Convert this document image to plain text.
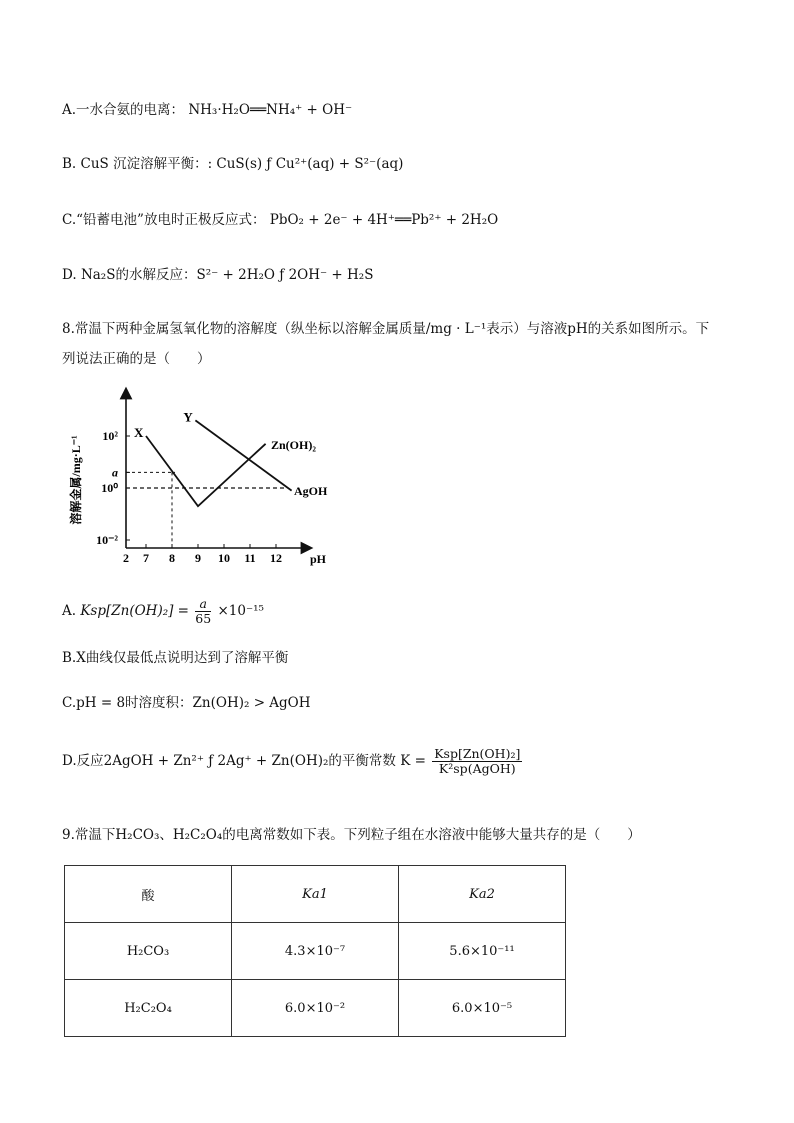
A.一水合氨的电离： NH₃·H₂O══NH₄⁺ + OH⁻
B. CuS 沉淀溶解平衡：: CuS(s) ƒ Cu²⁺(aq) + S²⁻(aq)
C.“铅蓄电池”放电时正极反应式： PbO₂ + 2e⁻ + 4H⁺══Pb²⁺ + 2H₂O
D. Na₂S的水解反应：S²⁻ + 2H₂O ƒ 2OH⁻ + H₂S
8.常温下两种金属氢氧化物的溶解度（纵坐标以溶解金属质量/mg · L⁻¹表示）与溶液pH的关系如图所示。下
列说法正确的是（　　）
2 7 8 9 10 11 12 pH
10²
a
10⁰
10⁻²
溶解金属/mg·L⁻¹
X
Y
Zn(OH)₂
AgOH
A. $Ksp[Zn(OH)_2] = \frac{a}{65} \times 10^{-15}$
B.X曲线仅最低点说明达到了溶解平衡
C.pH = 8时溶度积：Zn(OH)₂ > AgOH
D.反应2AgOH + Zn²⁺ ƒ 2Ag⁺ + Zn(OH)₂的平衡常数 $K = \frac{\text{Ksp[Zn(OH)₂]}}{\text{K²sp(AgOH)}}$
9.常温下H₂CO₃、H₂C₂O₄的电离常数如下表。下列粒子组在水溶液中能够大量共存的是（　　）
酸	Ka1	Ka2
H₂CO₃	4.3×10⁻⁷	5.6×10⁻¹¹
H₂C₂O₄	6.0×10⁻²	6.0×10⁻⁵
